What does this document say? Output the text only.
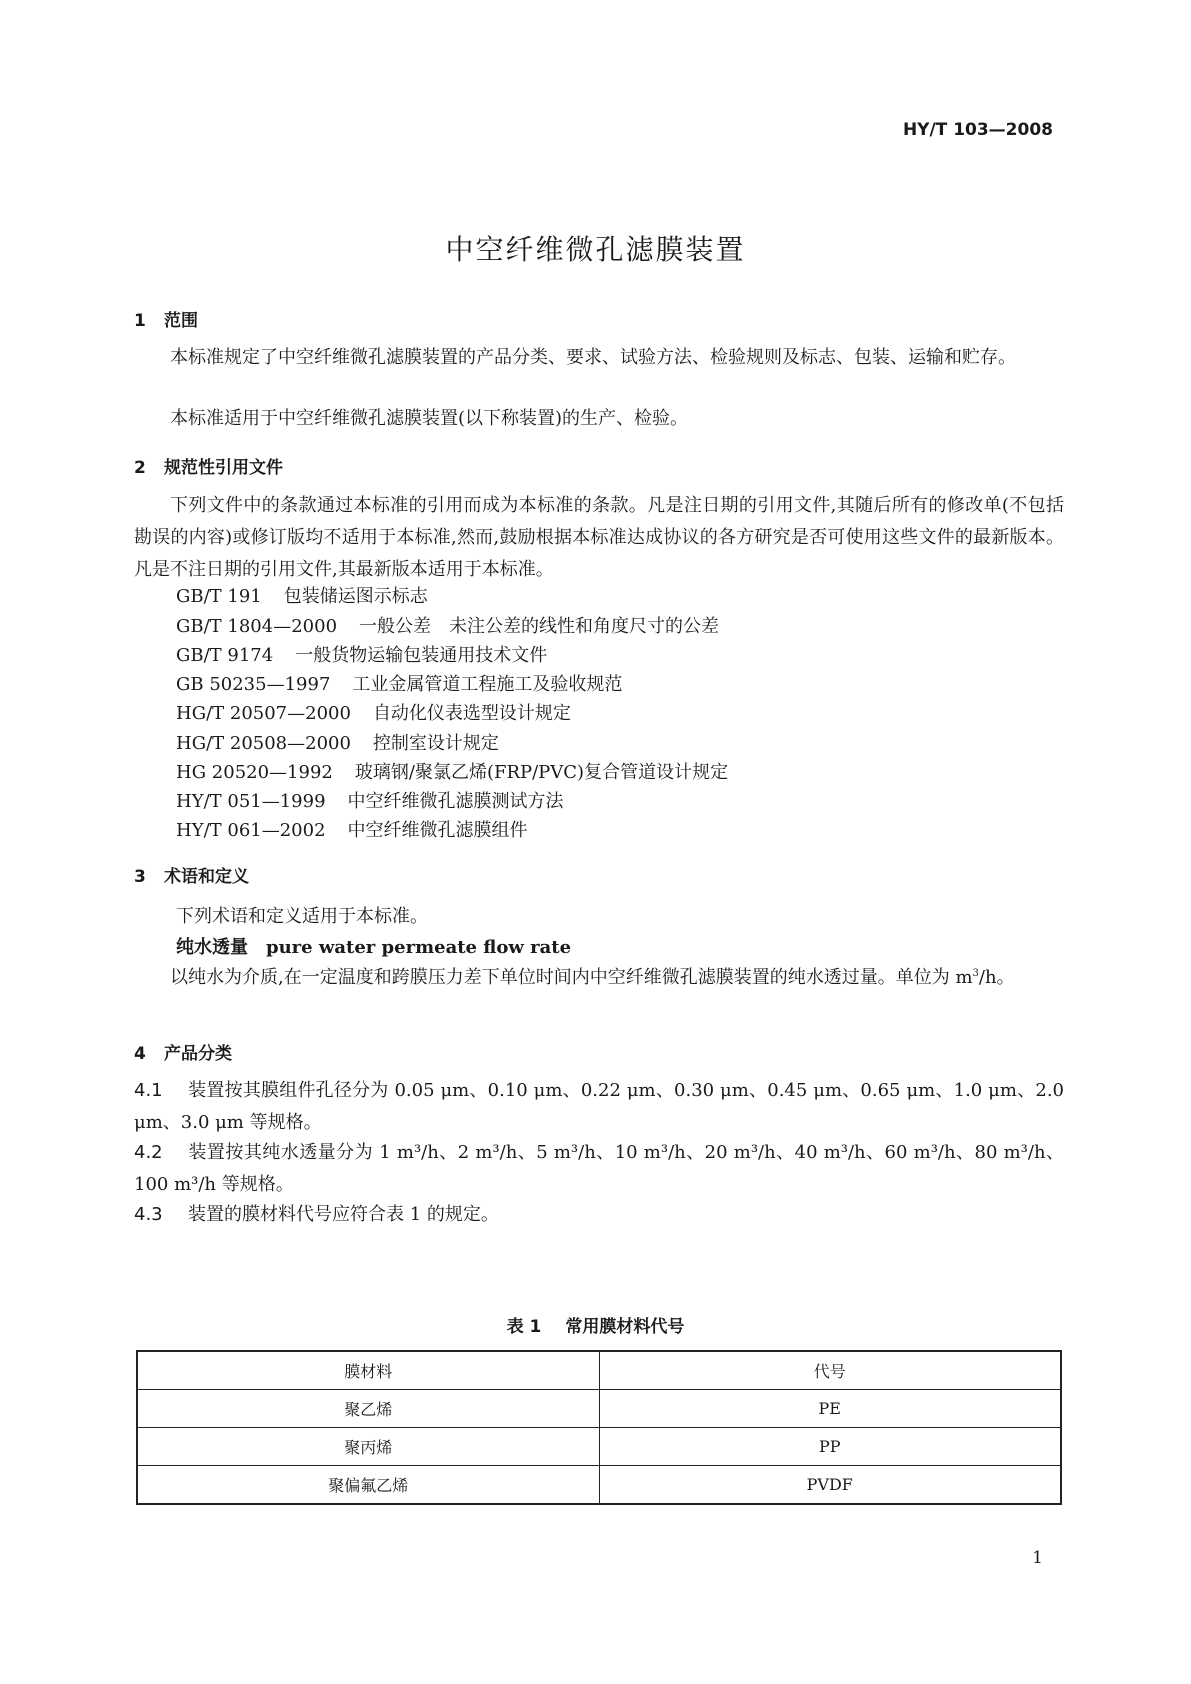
HY/T 103—2008
中空纤维微孔滤膜装置
1 范围
本标准规定了中空纤维微孔滤膜装置的产品分类、要求、试验方法、检验规则及标志、包装、运输和贮存。
本标准适用于中空纤维微孔滤膜装置(以下称装置)的生产、检验。
2 规范性引用文件
下列文件中的条款通过本标准的引用而成为本标准的条款。凡是注日期的引用文件,其随后所有的修改单(不包括勘误的内容)或修订版均不适用于本标准,然而,鼓励根据本标准达成协议的各方研究是否可使用这些文件的最新版本。凡是不注日期的引用文件,其最新版本适用于本标准。
GB/T 191 包装储运图示标志
GB/T 1804—2000 一般公差　未注公差的线性和角度尺寸的公差
GB/T 9174 一般货物运输包装通用技术文件
GB 50235—1997 工业金属管道工程施工及验收规范
HG/T 20507—2000 自动化仪表选型设计规定
HG/T 20508—2000 控制室设计规定
HG 20520—1992 玻璃钢/聚氯乙烯(FRP/PVC)复合管道设计规定
HY/T 051—1999 中空纤维微孔滤膜测试方法
HY/T 061—2002 中空纤维微孔滤膜组件
3 术语和定义
下列术语和定义适用于本标准。
纯水透量 pure water permeate flow rate
以纯水为介质,在一定温度和跨膜压力差下单位时间内中空纤维微孔滤膜装置的纯水透过量。单位为 $m^3/h$。
4 产品分类
4.1 装置按其膜组件孔径分为 0.05 μm、0.10 μm、0.22 μm、0.30 μm、0.45 μm、0.65 μm、1.0 μm、2.0 μm、3.0 μm 等规格。
4.2 装置按其纯水透量分为 1 m³/h、2 m³/h、5 m³/h、10 m³/h、20 m³/h、40 m³/h、60 m³/h、80 m³/h、100 m³/h 等规格。
4.3 装置的膜材料代号应符合表 1 的规定。
表 1 常用膜材料代号
膜材料	代号
聚乙烯	PE
聚丙烯	PP
聚偏氟乙烯	PVDF
1
